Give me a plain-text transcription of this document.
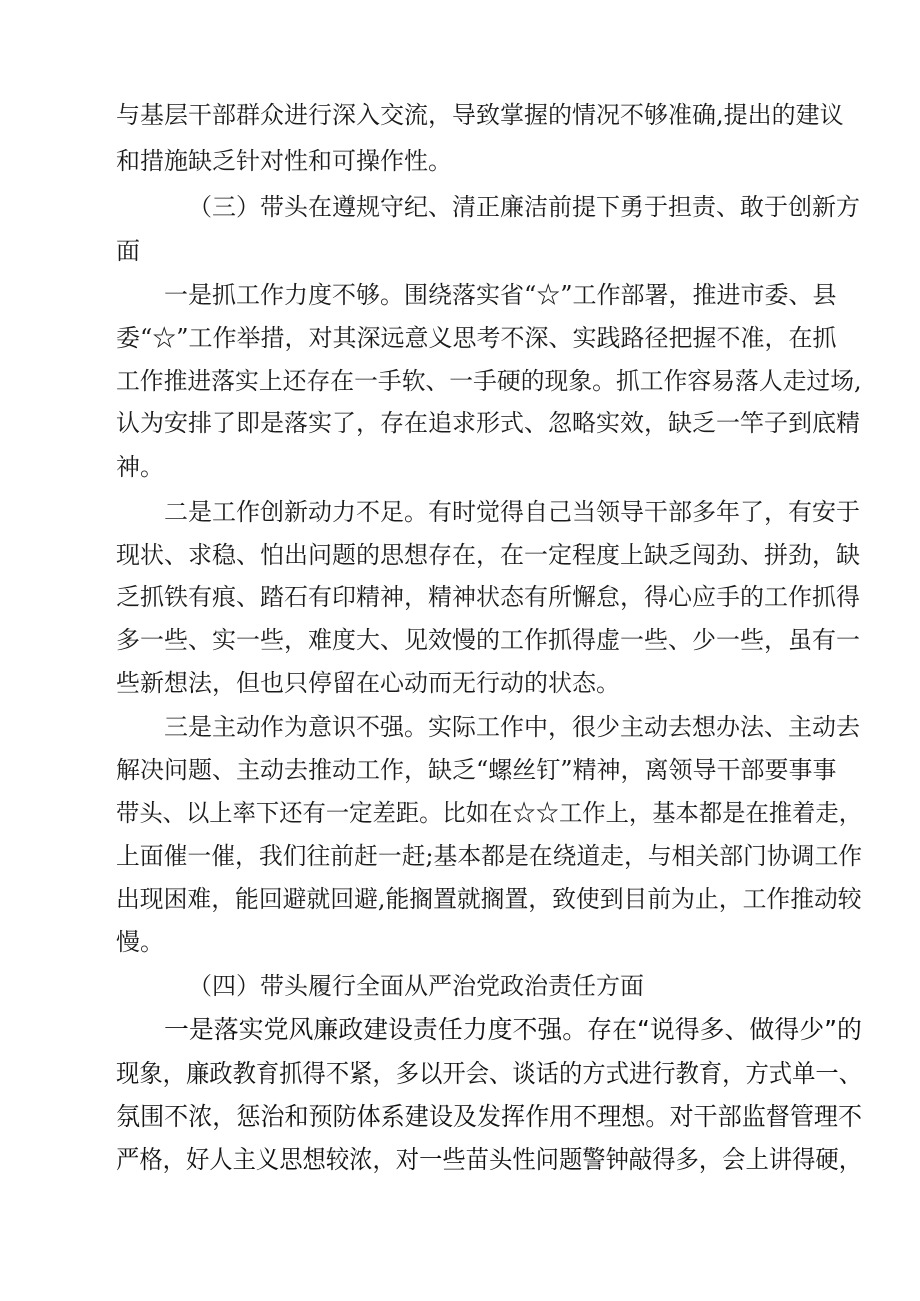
与基层干部群众进行深入交流，导致掌握的情况不够准确,提出的建议

和措施缺乏针对性和可操作性。

（三）带头在遵规守纪、清正廉洁前提下勇于担责、敢于创新方

面

一是抓工作力度不够。围绕落实省“☆”工作部署，推进市委、县

委“☆”工作举措，对其深远意义思考不深、实践路径把握不准，在抓

工作推进落实上还存在一手软、一手硬的现象。抓工作容易落人走过场,

认为安排了即是落实了，存在追求形式、忽略实效，缺乏一竿子到底精

神。

二是工作创新动力不足。有时觉得自己当领导干部多年了，有安于

现状、求稳、怕出问题的思想存在，在一定程度上缺乏闯劲、拼劲，缺

乏抓铁有痕、踏石有印精神，精神状态有所懈怠，得心应手的工作抓得

多一些、实一些，难度大、见效慢的工作抓得虚一些、少一些，虽有一

些新想法，但也只停留在心动而无行动的状态。

三是主动作为意识不强。实际工作中，很少主动去想办法、主动去

解决问题、主动去推动工作，缺乏“螺丝钉”精神，离领导干部要事事

带头、以上率下还有一定差距。比如在☆☆工作上，基本都是在推着走，

上面催一催，我们往前赶一赶;基本都是在绕道走，与相关部门协调工作

出现困难，能回避就回避,能搁置就搁置，致使到目前为止，工作推动较

慢。

（四）带头履行全面从严治党政治责任方面

一是落实党风廉政建设责任力度不强。存在“说得多、做得少”的

现象，廉政教育抓得不紧，多以开会、谈话的方式进行教育，方式单一、

氛围不浓，惩治和预防体系建设及发挥作用不理想。对干部监督管理不

严格，好人主义思想较浓，对一些苗头性问题警钟敲得多，会上讲得硬，
